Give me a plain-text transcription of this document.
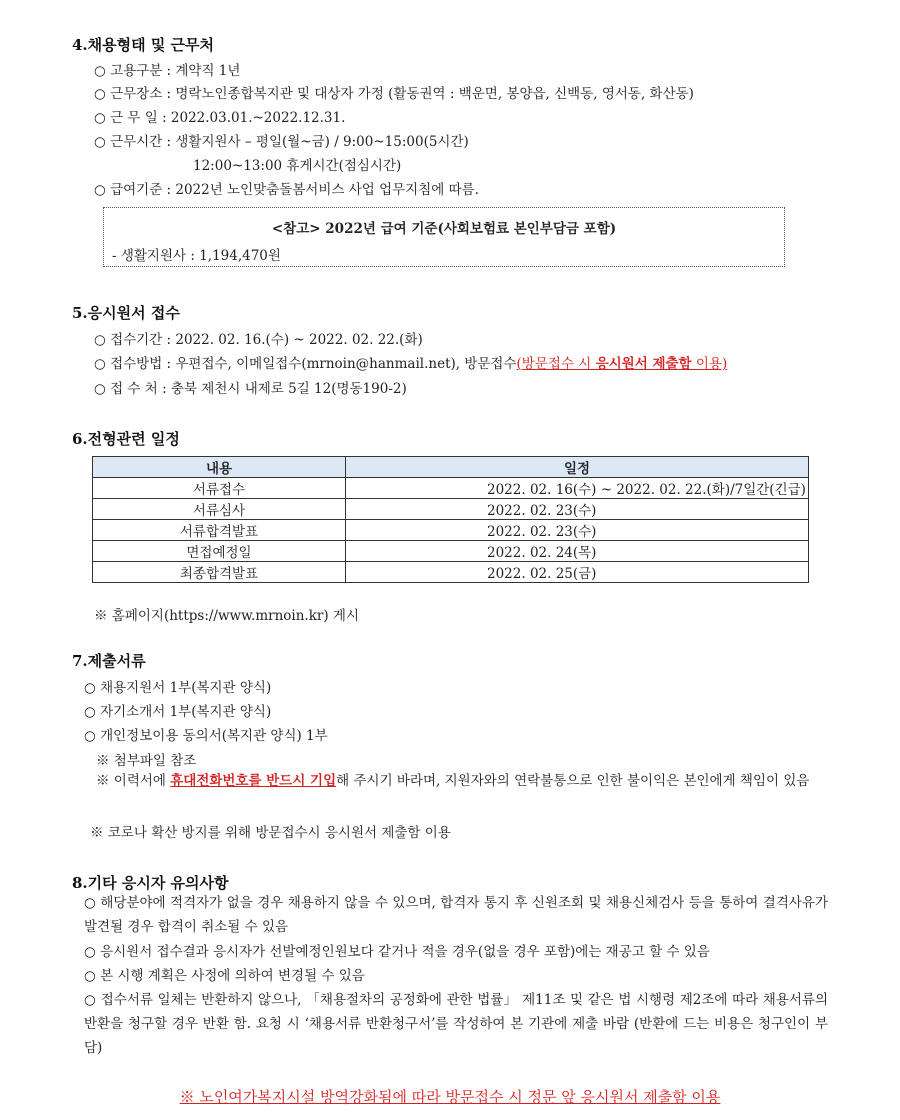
4.채용형태 및 근무처
○ 고용구분 : 계약직 1년
○ 근무장소 : 명락노인종합복지관 및 대상자 가정 (활동권역 : 백운면, 봉양읍, 신백동, 영서동, 화산동)
○ 근 무 일 : 2022.03.01.~2022.12.31.
○ 근무시간 : 생활지원사 – 평일(월~금) / 9:00~15:00(5시간)
12:00~13:00 휴게시간(점심시간)
○ 급여기준 : 2022년 노인맞춤돌봄서비스 사업 업무지침에 따름.
<참고> 2022년 급여 기준(사회보험료 본인부담금 포함)
- 생활지원사 : 1,194,470원
5.응시원서 접수
○ 접수기간 : 2022. 02. 16.(수) ~ 2022. 02. 22.(화)
○ 접수방법 : 우편접수, 이메일접수(mrnoin@hanmail.net), 방문접수(방문접수 시 응시원서 제출함 이용)
○ 접 수 처 : 충북 제천시 내제로 5길 12(명동190-2)
6.전형관련 일정
내용	일정
서류접수	2022. 02. 16(수) ~ 2022. 02. 22.(화)/7일간(긴급)
서류심사	2022. 02. 23(수)
서류합격발표	2022. 02. 23(수)
면접예정일	2022. 02. 24(목)
최종합격발표	2022. 02. 25(금)
※ 홈페이지(https://www.mrnoin.kr) 게시
7.제출서류
○ 채용지원서 1부(복지관 양식)
○ 자기소개서 1부(복지관 양식)
○ 개인정보이용 동의서(복지관 양식) 1부
※ 첨부파일 참조
※ 이력서에 휴대전화번호를 반드시 기입해 주시기 바라며, 지원자와의 연락불통으로 인한 불이익은 본인에게 책임이 있음
※ 코로나 확산 방지를 위해 방문접수시 응시원서 제출함 이용
8.기타 응시자 유의사항
○ 해당분야에 적격자가 없을 경우 채용하지 않을 수 있으며, 합격자 통지 후 신원조회 및 채용신체검사 등을 통하여 결격사유가 발견될 경우 합격이 취소될 수 있음
○ 응시원서 접수결과 응시자가 선발예정인원보다 같거나 적을 경우(없을 경우 포함)에는 재공고 할 수 있음
○ 본 시행 계획은 사정에 의하여 변경될 수 있음
○ 접수서류 일체는 반환하지 않으나, 「채용절차의 공정화에 관한 법률」 제11조 및 같은 법 시행령 제2조에 따라 채용서류의 반환을 청구할 경우 반환 함. 요청 시 ‘채용서류 반환청구서’를 작성하여 본 기관에 제출 바람 (반환에 드는 비용은 청구인이 부담)
※ 노인여가복지시설 방역강화됨에 따라 방문접수 시 정문 앞 응시원서 제출함 이용
